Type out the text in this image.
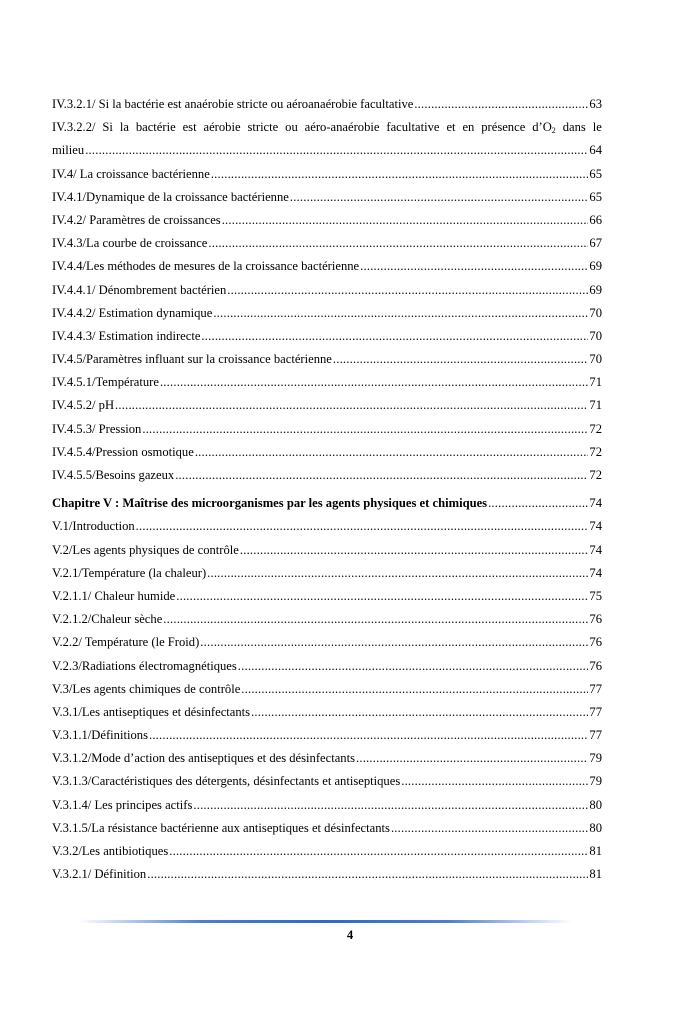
IV.3.2.1/ Si la bactérie est anaérobie stricte ou aéroanaérobie facultative .....	63
IV.3.2.2/ Si la bactérie est aérobie stricte ou aéro-anaérobie facultative et en présence $d’O_2$ dans le
milieu .....	64
IV.4/ La croissance bactérienne .....	65
IV.4.1/Dynamique de la croissance bactérienne .....	65
IV.4.2/ Paramètres de croissances .....	66
IV.4.3/La courbe de croissance .....	67
IV.4.4/Les méthodes de mesures de la croissance bactérienne .....	69
IV.4.4.1/ Dénombrement bactérien .....	69
IV.4.4.2/ Estimation dynamique .....	70
IV.4.4.3/ Estimation indirecte .....	70
IV.4.5/Paramètres influant sur la croissance bactérienne .....	70
IV.4.5.1/Température .....	71
IV.4.5.2/ pH .....	71
IV.4.5.3/ Pression .....	72
IV.4.5.4/Pression osmotique .....	72
IV.4.5.5/Besoins gazeux .....	72
Chapitre V : Maîtrise des microorganismes par les agents physiques et chimiques .....	74
V.1/Introduction .....	74
V.2/Les agents physiques de contrôle .....	74
V.2.1/Température (la chaleur) .....	74
V.2.1.1/ Chaleur humide .....	75
V.2.1.2/Chaleur sèche .....	76
V.2.2/ Température (le Froid) .....	76
V.2.3/Radiations électromagnétiques .....	76
V.3/Les agents chimiques de contrôle .....	77
V.3.1/Les antiseptiques et désinfectants .....	77
V.3.1.1/Définitions .....	77
V.3.1.2/Mode d’action des antiseptiques et des désinfectants .....	79
V.3.1.3/Caractéristiques des détergents, désinfectants et antiseptiques .....	79
V.3.1.4/ Les principes actifs .....	80
V.3.1.5/La résistance bactérienne aux antiseptiques et désinfectants .....	80
V.3.2/Les antibiotiques .....	81
V.3.2.1/ Définition .....	81
4
